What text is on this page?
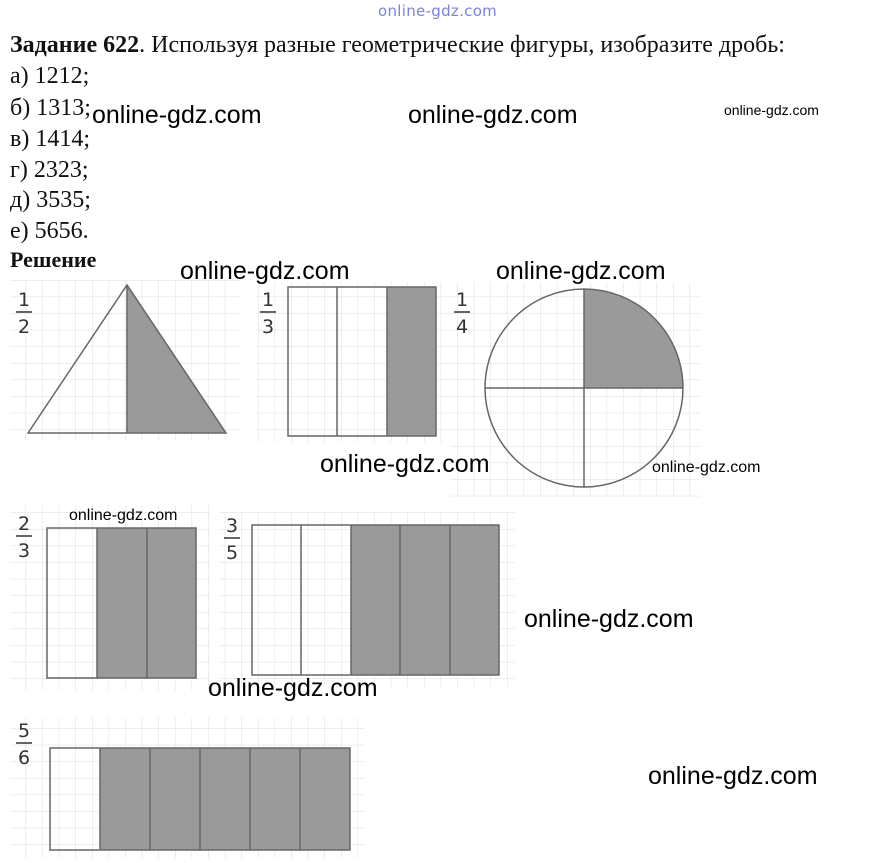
online-gdz.com
Задание 622. Используя разные геометрические фигуры, изобразите дробь:
а) 1212;
б) 1313;
в) 1414;
г) 2323;
д) 3535;
е) 5656.
Решение
1
2
1
3
1
4
2
3
3
5
5
6
online-gdz.com	online-gdz.com	online-gdz.com
online-gdz.com	online-gdz.com
online-gdz.com	online-gdz.com
online-gdz.com
online-gdz.com
online-gdz.com
online-gdz.com
